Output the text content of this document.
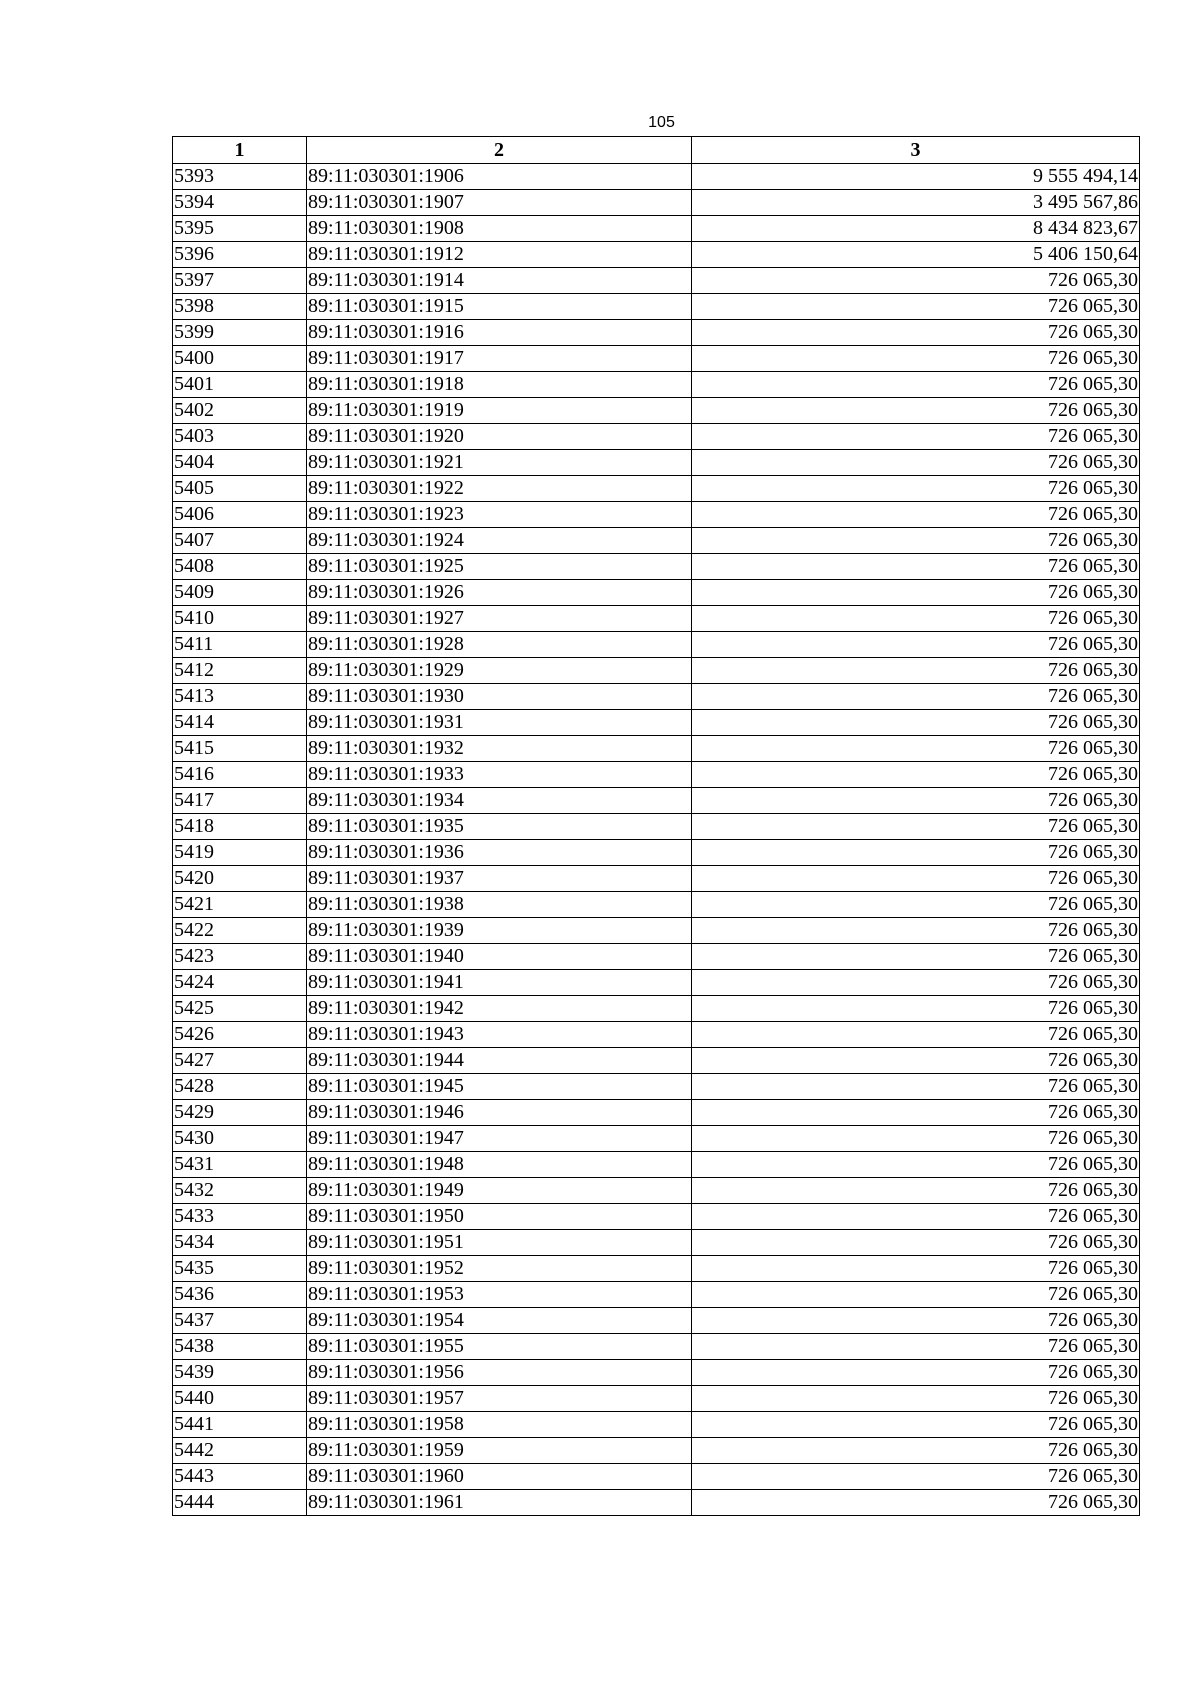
105
1	2	3
5393	89:11:030301:1906	9 555 494,14
5394	89:11:030301:1907	3 495 567,86
5395	89:11:030301:1908	8 434 823,67
5396	89:11:030301:1912	5 406 150,64
5397	89:11:030301:1914	726 065,30
5398	89:11:030301:1915	726 065,30
5399	89:11:030301:1916	726 065,30
5400	89:11:030301:1917	726 065,30
5401	89:11:030301:1918	726 065,30
5402	89:11:030301:1919	726 065,30
5403	89:11:030301:1920	726 065,30
5404	89:11:030301:1921	726 065,30
5405	89:11:030301:1922	726 065,30
5406	89:11:030301:1923	726 065,30
5407	89:11:030301:1924	726 065,30
5408	89:11:030301:1925	726 065,30
5409	89:11:030301:1926	726 065,30
5410	89:11:030301:1927	726 065,30
5411	89:11:030301:1928	726 065,30
5412	89:11:030301:1929	726 065,30
5413	89:11:030301:1930	726 065,30
5414	89:11:030301:1931	726 065,30
5415	89:11:030301:1932	726 065,30
5416	89:11:030301:1933	726 065,30
5417	89:11:030301:1934	726 065,30
5418	89:11:030301:1935	726 065,30
5419	89:11:030301:1936	726 065,30
5420	89:11:030301:1937	726 065,30
5421	89:11:030301:1938	726 065,30
5422	89:11:030301:1939	726 065,30
5423	89:11:030301:1940	726 065,30
5424	89:11:030301:1941	726 065,30
5425	89:11:030301:1942	726 065,30
5426	89:11:030301:1943	726 065,30
5427	89:11:030301:1944	726 065,30
5428	89:11:030301:1945	726 065,30
5429	89:11:030301:1946	726 065,30
5430	89:11:030301:1947	726 065,30
5431	89:11:030301:1948	726 065,30
5432	89:11:030301:1949	726 065,30
5433	89:11:030301:1950	726 065,30
5434	89:11:030301:1951	726 065,30
5435	89:11:030301:1952	726 065,30
5436	89:11:030301:1953	726 065,30
5437	89:11:030301:1954	726 065,30
5438	89:11:030301:1955	726 065,30
5439	89:11:030301:1956	726 065,30
5440	89:11:030301:1957	726 065,30
5441	89:11:030301:1958	726 065,30
5442	89:11:030301:1959	726 065,30
5443	89:11:030301:1960	726 065,30
5444	89:11:030301:1961	726 065,30
